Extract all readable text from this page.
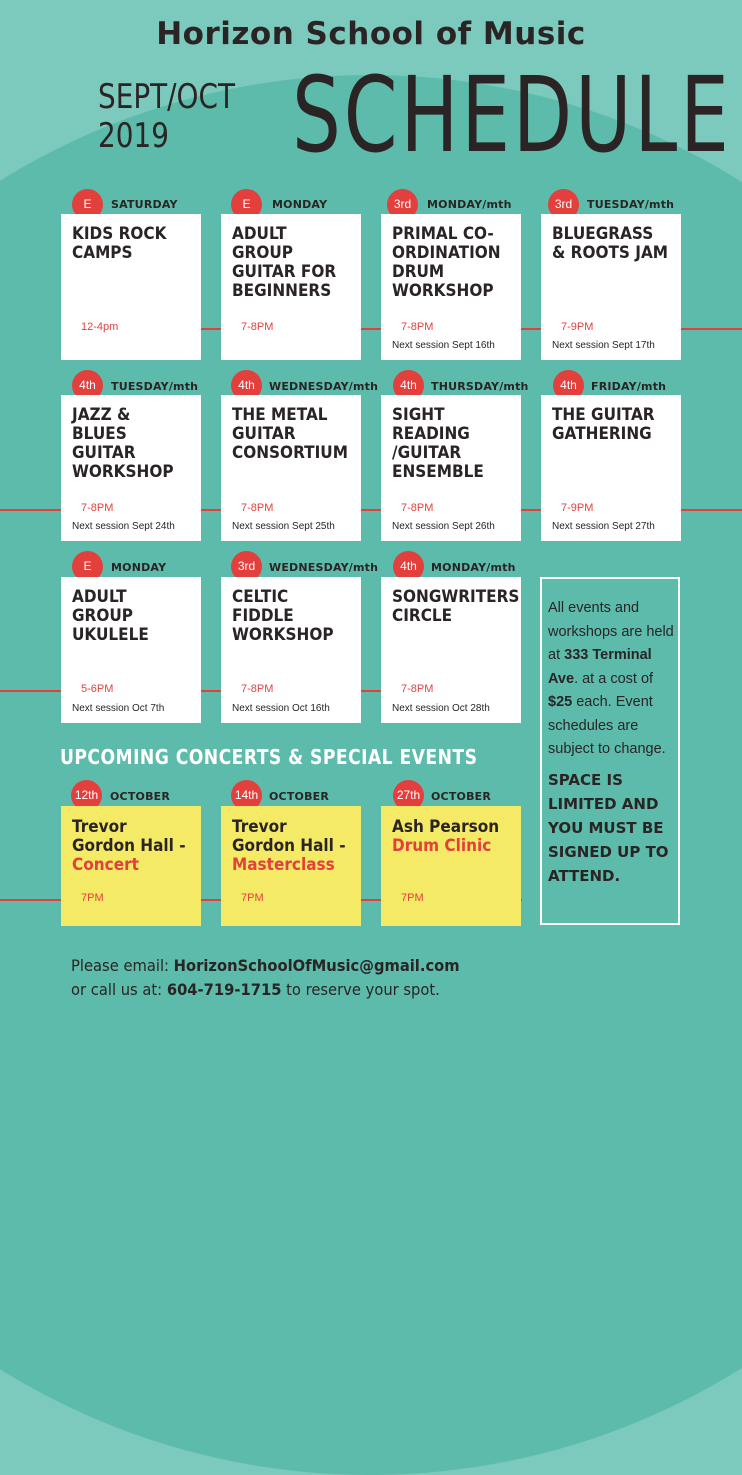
Horizon School of Music
SEPT/OCT
2019	SCHEDULE
E	SATURDAY
KIDS ROCK CAMPS
12-4pm
E	MONDAY
ADULT GROUP GUITAR FOR BEGINNERS
7-8PM
3rd	MONDAY/mth
PRIMAL CO-ORDINATION DRUM WORKSHOP
7-8PM
Next session Sept 16th
3rd	TUESDAY/mth
BLUEGRASS & ROOTS JAM
7-9PM
Next session Sept 17th
4th	TUESDAY/mth
JAZZ & BLUES GUITAR WORKSHOP
7-8PM
Next session Sept 24th
4th	WEDNESDAY/mth
THE METAL GUITAR CONSORTIUM
7-8PM
Next session Sept 25th
4th	THURSDAY/mth
SIGHT READING /GUITAR ENSEMBLE
7-8PM
Next session Sept 26th
4th	FRIDAY/mth
THE GUITAR GATHERING
7-9PM
Next session Sept 27th
E	MONDAY
ADULT GROUP UKULELE
5-6PM
Next session Oct 7th
3rd	WEDNESDAY/mth
CELTIC FIDDLE WORKSHOP
7-8PM
Next session Oct 16th
4th	MONDAY/mth
SONGWRITERS CIRCLE
7-8PM
Next session Oct 28th
All events and workshops are held at 333 Terminal Ave. at a cost of $25 each. Event schedules are subject to change.
SPACE IS LIMITED AND YOU MUST BE SIGNED UP TO ATTEND.
UPCOMING CONCERTS & SPECIAL EVENTS
12th	OCTOBER
Trevor Gordon Hall -
Concert
7PM
14th OCTOBER
Trevor Gordon Hall -
Masterclass
7PM
27th OCTOBER
Ash Pearson
Drum Clinic
7PM
Please email: HorizonSchoolOfMusic@gmail.com
or call us at: 604-719-1715 to reserve your spot.
